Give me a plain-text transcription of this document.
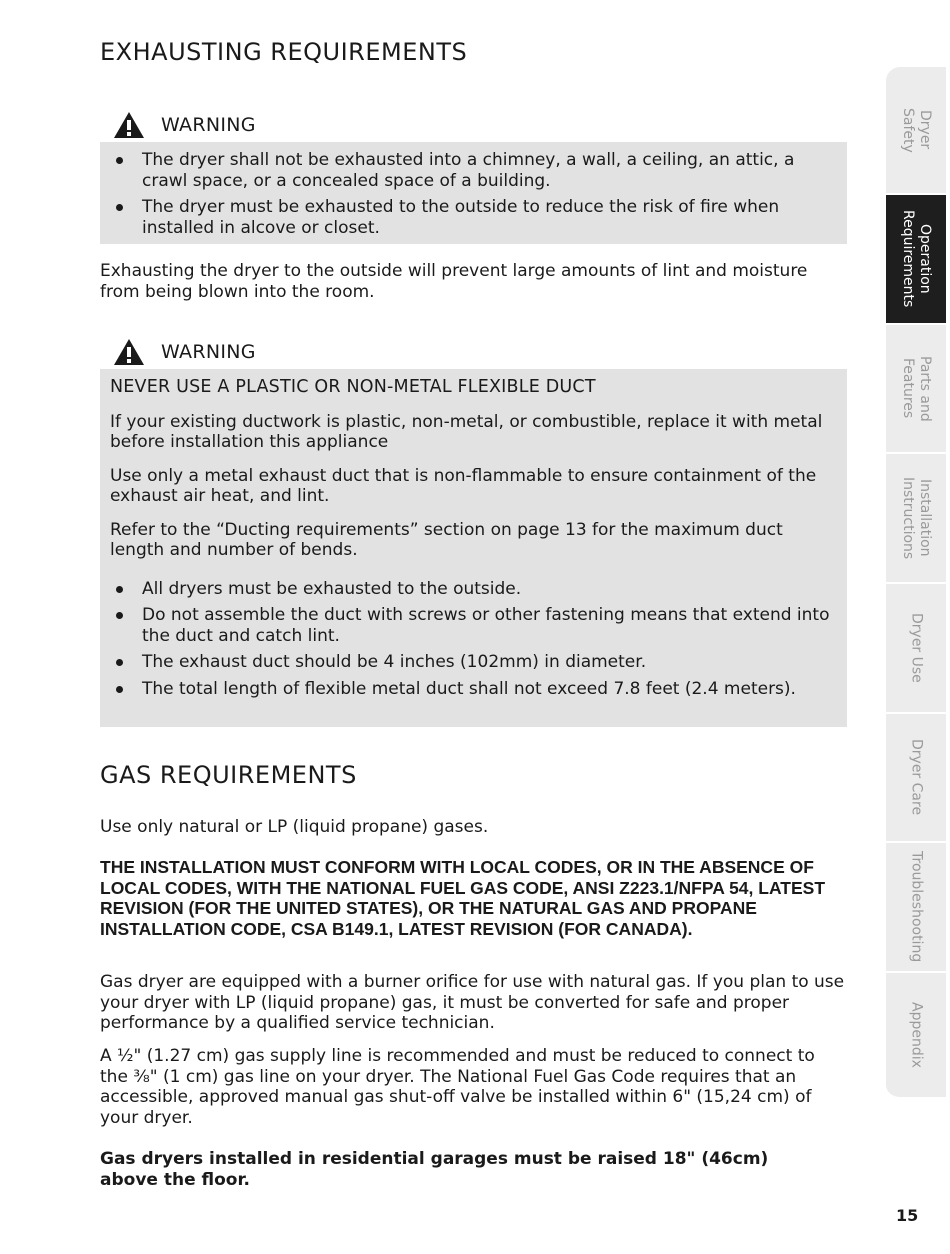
EXHAUSTING REQUIREMENTS
WARNING
The dryer shall not be exhausted into a chimney, a wall, a ceiling, an attic, a crawl space, or a concealed space of a building.
The dryer must be exhausted to the outside to reduce the risk of fire when installed in alcove or closet.
Exhausting the dryer to the outside will prevent large amounts of lint and moisture from being blown into the room.
WARNING
NEVER USE A PLASTIC OR NON-METAL FLEXIBLE DUCT
If your existing ductwork is plastic, non-metal, or combustible, replace it with metal before installation this appliance
Use only a metal exhaust duct that is non-flammable to ensure containment of the exhaust air heat, and lint.
Refer to the “Ducting requirements” section on page 13 for the maximum duct length and number of bends.
All dryers must be exhausted to the outside.
Do not assemble the duct with screws or other fastening means that extend into the duct and catch lint.
The exhaust duct should be 4 inches (102mm) in diameter.
The total length of flexible metal duct shall not exceed 7.8 feet (2.4 meters).
GAS REQUIREMENTS
Use only natural or LP (liquid propane) gases.
THE INSTALLATION MUST CONFORM WITH LOCAL CODES, OR IN THE ABSENCE OF LOCAL CODES, WITH THE NATIONAL FUEL GAS CODE, ANSI Z223.1/NFPA 54, LATEST REVISION (FOR THE UNITED STATES), OR THE NATURAL GAS AND PROPANE INSTALLATION CODE, CSA B149.1, LATEST REVISION (FOR CANADA).
Gas dryer are equipped with a burner orifice for use with natural gas. If you plan to use your dryer with LP (liquid propane) gas, it must be converted for safe and proper performance by a qualified service technician.
A ½" (1.27 cm) gas supply line is recommended and must be reduced to connect to the ⅜" (1 cm) gas line on your dryer. The National Fuel Gas Code requires that an accessible, approved manual gas shut-off valve be installed within 6" (15,24 cm) of your dryer.
Gas dryers installed in residential garages must be raised 18" (46cm) above the floor.
Dryer
Safety
Operation
Requirements
Parts and
Features
Installation
Instructions
Dryer Use
Dryer Care
Troubleshooting
Appendix
15
